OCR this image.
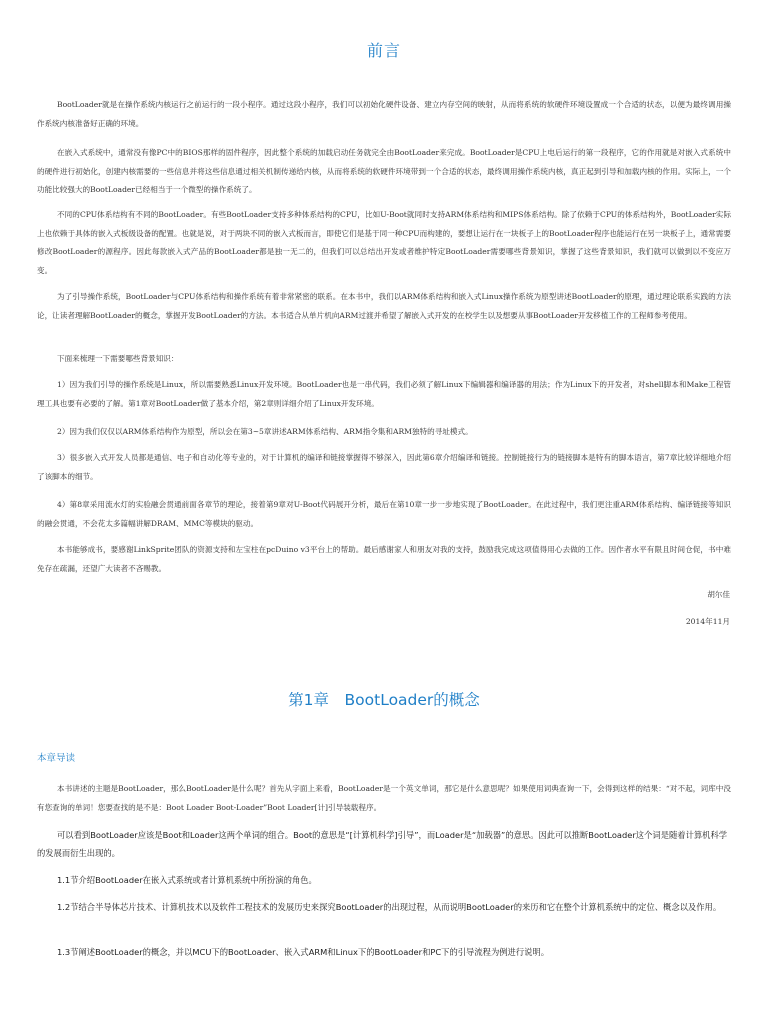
前言

BootLoader就是在操作系统内核运行之前运行的一段小程序。通过这段小程序，我们可以初始化硬件设备、建立内存空间的映射，从而将系统的软硬件环境设置成一个合适的状态，以便为最终调用操作系统内核准备好正确的环境。

在嵌入式系统中，通常没有像PC中的BIOS那样的固件程序，因此整个系统的加载启动任务就完全由BootLoader来完成。BootLoader是CPU上电后运行的第一段程序，它的作用就是对嵌入式系统中的硬件进行初始化，创建内核需要的一些信息并将这些信息通过相关机制传递给内核，从而将系统的软硬件环境带到一个合适的状态，最终调用操作系统内核，真正起到引导和加载内核的作用。实际上，一个功能比较强大的BootLoader已经相当于一个微型的操作系统了。

不同的CPU体系结构有不同的BootLoader。有些BootLoader支持多种体系结构的CPU，比如U-Boot就同时支持ARM体系结构和MIPS体系结构。除了依赖于CPU的体系结构外，BootLoader实际上也依赖于具体的嵌入式板级设备的配置。也就是说，对于两块不同的嵌入式板而言，即使它们是基于同一种CPU而构建的，要想让运行在一块板子上的BootLoader程序也能运行在另一块板子上，通常需要修改BootLoader的源程序。因此每款嵌入式产品的BootLoader都是独一无二的，但我们可以总结出开发或者维护特定BootLoader需要哪些背景知识，掌握了这些背景知识，我们就可以做到以不变应万变。

为了引导操作系统，BootLoader与CPU体系结构和操作系统有着非常紧密的联系。在本书中，我们以ARM体系结构和嵌入式Linux操作系统为原型讲述BootLoader的原理，通过理论联系实践的方法论，让读者理解BootLoader的概念，掌握开发BootLoader的方法。本书适合从单片机向ARM过渡并希望了解嵌入式开发的在校学生以及想要从事BootLoader开发移植工作的工程师参考使用。

下面来梳理一下需要哪些背景知识：

1）因为我们引导的操作系统是Linux，所以需要熟悉Linux开发环境。BootLoader也是一串代码，我们必须了解Linux下编辑器和编译器的用法；作为Linux下的开发者，对shell脚本和Make工程管理工具也要有必要的了解。第1章对BootLoader做了基本介绍，第2章则详细介绍了Linux开发环境。

2）因为我们仅仅以ARM体系结构作为原型，所以会在第3~5章讲述ARM体系结构、ARM指令集和ARM独特的寻址模式。

3）很多嵌入式开发人员都是通信、电子和自动化等专业的，对于计算机的编译和链接掌握得不够深入，因此第6章介绍编译和链接。控制链接行为的链接脚本是特有的脚本语言，第7章比较详细地介绍了该脚本的细节。

4）第8章采用流水灯的实验融会贯通前面各章节的理论，接着第9章对U-Boot代码展开分析，最后在第10章一步一步地实现了BootLoader。在此过程中，我们更注重ARM体系结构、编译链接等知识的融会贯通，不会花太多篇幅讲解DRAM、MMC等模块的驱动。

本书能够成书，要感谢LinkSprite团队的资源支持和左宝柱在pcDuino v3平台上的帮助。最后感谢家人和朋友对我的支持，鼓励我完成这项值得用心去做的工作。因作者水平有限且时间仓促，书中难免存在疏漏，还望广大读者不吝赐教。

胡尔佳
2014年11月
第1章　BootLoader的概念
本章导读

本书讲述的主题是BootLoader，那么BootLoader是什么呢？首先从字面上来看，BootLoader是一个英文单词，那它是什么意思呢？如果使用词典查询一下，会得到这样的结果：“对不起，词库中没有您查询的单词！您要查找的是不是：Boot Loader Boot-Loader”Boot Loader[计]引导装载程序。

可以看到BootLoader应该是Boot和Loader这两个单词的组合。Boot的意思是“[计算机科学]引导”，而Loader是“加载器”的意思。因此可以推断BootLoader这个词是随着计算机科学的发展而衍生出现的。

1.1节介绍BootLoader在嵌入式系统或者计算机系统中所扮演的角色。

1.2节结合半导体芯片技术、计算机技术以及软件工程技术的发展历史来探究BootLoader的出现过程，从而说明BootLoader的来历和它在整个计算机系统中的定位、概念以及作用。

1.3节阐述BootLoader的概念，并以MCU下的BootLoader、嵌入式ARM和Linux下的BootLoader和PC下的引导流程为例进行说明。
